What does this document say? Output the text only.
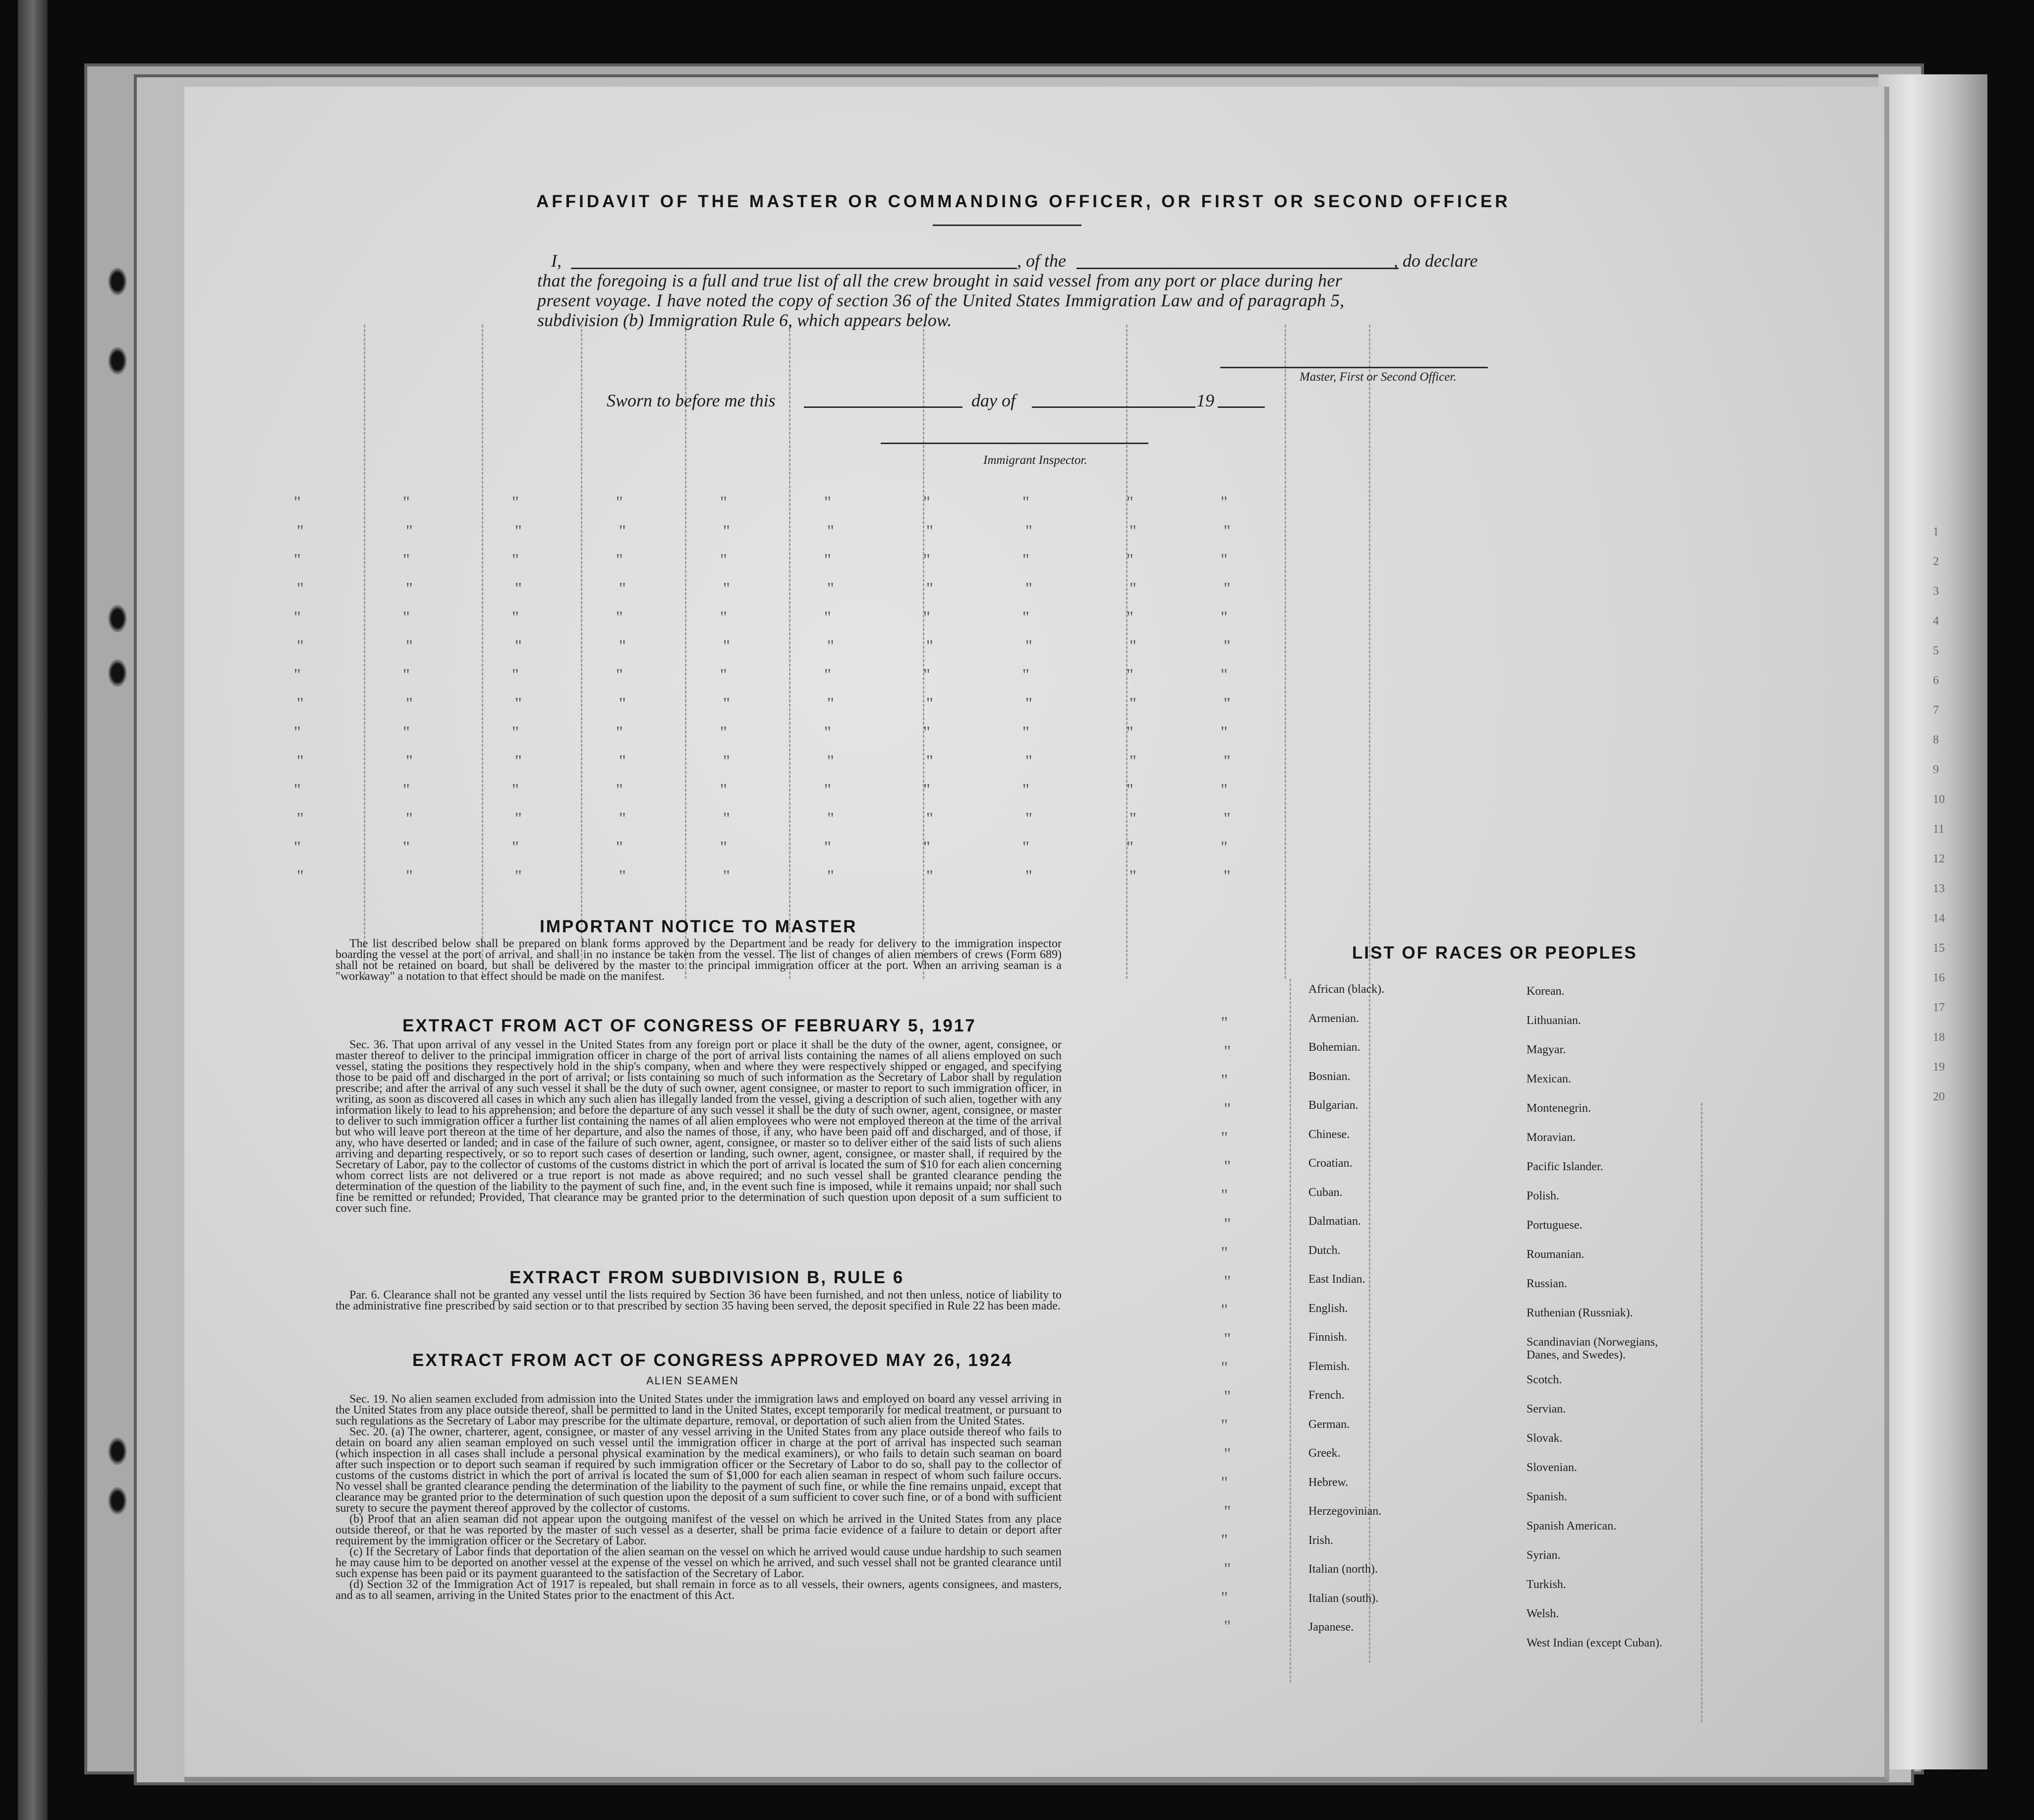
1
2
3
4
5
6
7
8
9
10
11
12
13
14
15
16
17
18
19
20
AFFIDAVIT OF THE MASTER OR COMMANDING OFFICER, OR FIRST OR SECOND OFFICER
I,	, of the	, do declare
that the foregoing is a full and true list of all the crew brought in said vessel from any port or place during her
present voyage. I have noted the copy of section 36 of the United States Immigration Law and of paragraph 5,
subdivision (b) Immigration Rule 6, which appears below.
Master, First or Second Officer.
Sworn to before me this	day of	19
Immigrant Inspector.
"	"	"	"	"	"	"	"	"	"
"	"	"	"	"	"	"	"	"	"
"	"	"	"	"	"	"	"	"	"
"	"	"	"	"	"	"	"	"	"
"	"	"	"	"	"	"	"	"	"
"	"	"	"	"	"	"	"	"	"
"	"	"	"	"	"	"	"	"	"
"	"	"	"	"	"	"	"	"	"
"	"	"	"	"	"	"	"	"	"
"	"	"	"	"	"	"	"	"	"
"	"	"	"	"	"	"	"	"	"
"	"	"	"	"	"	"	"	"	"
"	"	"	"	"	"	"	"	"	"
"	"	"	"	"	"	"	"	"	"
"
"
"
"
"
"
"
"
"
"
"
"
"
"
"
"
"
"
"
"
"
"
IMPORTANT NOTICE TO MASTER

The list described below shall be prepared on blank forms approved by the Department and be ready for delivery to the immigration inspector boarding the vessel at the port of arrival, and shall in no instance be taken from the vessel. The list of changes of alien members of crews (Form 689) shall not be retained on board, but shall be delivered by the master to the principal immigration officer at the port. When an arriving seaman is a "workaway" a notation to that effect should be made on the manifest.

EXTRACT FROM ACT OF CONGRESS OF FEBRUARY 5, 1917

Sec. 36. That upon arrival of any vessel in the United States from any foreign port or place it shall be the duty of the owner, agent, consignee, or master thereof to deliver to the principal immigration officer in charge of the port of arrival lists containing the names of all aliens employed on such vessel, stating the positions they respectively hold in the ship's company, when and where they were respectively shipped or engaged, and specifying those to be paid off and discharged in the port of arrival; or lists containing so much of such information as the Secretary of Labor shall by regulation prescribe; and after the arrival of any such vessel it shall be the duty of such owner, agent consignee, or master to report to such immigration officer, in writing, as soon as discovered all cases in which any such alien has illegally landed from the vessel, giving a description of such alien, together with any information likely to lead to his apprehension; and before the departure of any such vessel it shall be the duty of such owner, agent, consignee, or master to deliver to such immigration officer a further list containing the names of all alien employees who were not employed thereon at the time of the arrival but who will leave port thereon at the time of her departure, and also the names of those, if any, who have been paid off and discharged, and of those, if any, who have deserted or landed; and in case of the failure of such owner, agent, consignee, or master so to deliver either of the said lists of such aliens arriving and departing respectively, or so to report such cases of desertion or landing, such owner, agent, consignee, or master shall, if required by the Secretary of Labor, pay to the collector of customs of the customs district in which the port of arrival is located the sum of $10 for each alien concerning whom correct lists are not delivered or a true report is not made as above required; and no such vessel shall be granted clearance pending the determination of the question of the liability to the payment of such fine, and, in the event such fine is imposed, while it remains unpaid; nor shall such fine be remitted or refunded; Provided, That clearance may be granted prior to the determination of such question upon deposit of a sum sufficient to cover such fine.

EXTRACT FROM SUBDIVISION B, RULE 6

Par. 6. Clearance shall not be granted any vessel until the lists required by Section 36 have been furnished, and not then unless, notice of liability to the administrative fine prescribed by said section or to that prescribed by section 35 having been served, the deposit specified in Rule 22 has been made.

EXTRACT FROM ACT OF CONGRESS APPROVED MAY 26, 1924
ALIEN SEAMEN

Sec. 19. No alien seamen excluded from admission into the United States under the immigration laws and employed on board any vessel arriving in the United States from any place outside thereof, shall be permitted to land in the United States, except temporarily for medical treatment, or pursuant to such regulations as the Secretary of Labor may prescribe for the ultimate departure, removal, or deportation of such alien from the United States.

Sec. 20. (a) The owner, charterer, agent, consignee, or master of any vessel arriving in the United States from any place outside thereof who fails to detain on board any alien seaman employed on such vessel until the immigration officer in charge at the port of arrival has inspected such seaman (which inspection in all cases shall include a personal physical examination by the medical examiners), or who fails to detain such seaman on board after such inspection or to deport such seaman if required by such immigration officer or the Secretary of Labor to do so, shall pay to the collector of customs of the customs district in which the port of arrival is located the sum of $1,000 for each alien seaman in respect of whom such failure occurs. No vessel shall be granted clearance pending the determination of the liability to the payment of such fine, or while the fine remains unpaid, except that clearance may be granted prior to the determination of such question upon the deposit of a sum sufficient to cover such fine, or of a bond with sufficient surety to secure the payment thereof approved by the collector of customs.

(b) Proof that an alien seaman did not appear upon the outgoing manifest of the vessel on which he arrived in the United States from any place outside thereof, or that he was reported by the master of such vessel as a deserter, shall be prima facie evidence of a failure to detain or deport after requirement by the immigration officer or the Secretary of Labor.

(c) If the Secretary of Labor finds that deportation of the alien seaman on the vessel on which he arrived would cause undue hardship to such seamen he may cause him to be deported on another vessel at the expense of the vessel on which he arrived, and such vessel shall not be granted clearance until such expense has been paid or its payment guaranteed to the satisfaction of the Secretary of Labor.

(d) Section 32 of the Immigration Act of 1917 is repealed, but shall remain in force as to all vessels, their owners, agents consignees, and masters, and as to all seamen, arriving in the United States prior to the enactment of this Act.

LIST OF RACES OR PEOPLES
African (black).
Armenian.
Bohemian.
Bosnian.
Bulgarian.
Chinese.
Croatian.
Cuban.
Dalmatian.
Dutch.
East Indian.
English.
Finnish.
Flemish.
French.
German.
Greek.
Hebrew.
Herzegovinian.
Irish.
Italian (north).
Italian (south).
Japanese.
Korean.
Lithuanian.
Magyar.
Mexican.
Montenegrin.
Moravian.
Pacific Islander.
Polish.
Portuguese.
Roumanian.
Russian.
Ruthenian (Russniak).
Scandinavian (Norwegians, Danes, and Swedes).
Scotch.
Servian.
Slovak.
Slovenian.
Spanish.
Spanish American.
Syrian.
Turkish.
Welsh.
West Indian (except Cuban).
